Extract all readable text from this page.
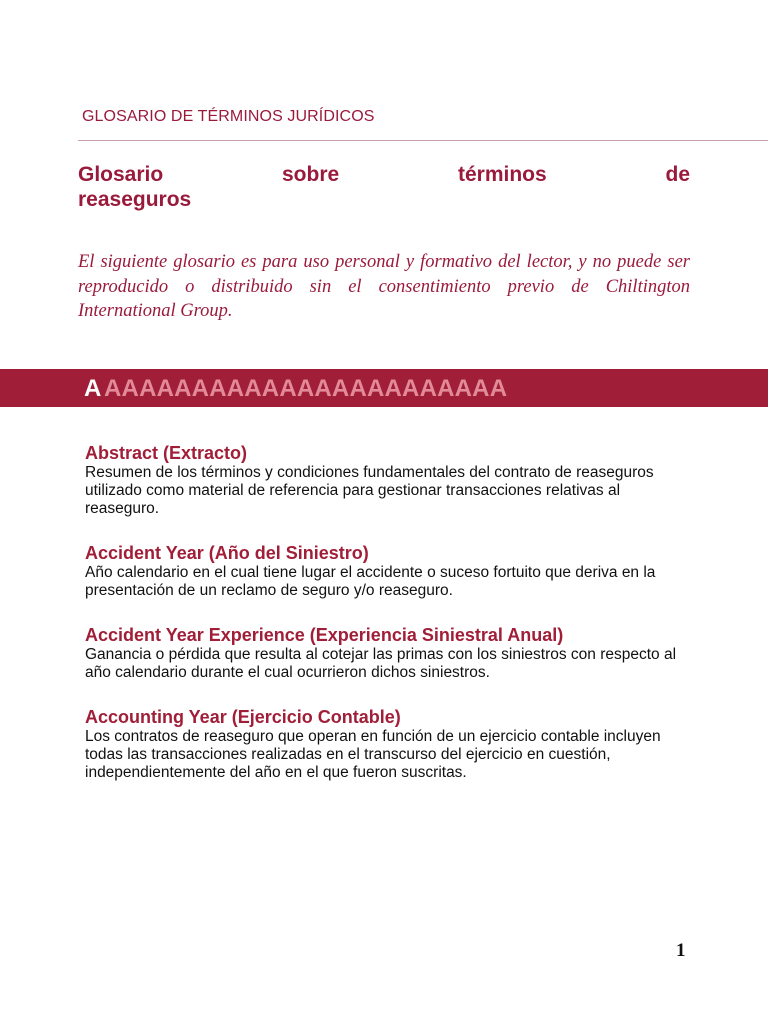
GLOSARIO DE TÉRMINOS JURÍDICOS
Glosario sobre términos de
reaseguros

El siguiente glosario es para uso personal y formativo del lector, y no puede ser reproducido o distribuido sin el consentimiento previo de Chiltington International Group.

A AAAAAAAAAAAAAAAAAAAAAAA
Abstract (Extracto)

Resumen de los términos y condiciones fundamentales del contrato de reaseguros utilizado como material de referencia para gestionar transacciones relativas al reaseguro.

Accident Year (Año del Siniestro)

Año calendario en el cual tiene lugar el accidente o suceso fortuito que deriva en la presentación de un reclamo de seguro y/o reaseguro.

Accident Year Experience (Experiencia Siniestral Anual)

Ganancia o pérdida que resulta al cotejar las primas con los siniestros con respecto al año calendario durante el cual ocurrieron dichos siniestros.

Accounting Year (Ejercicio Contable)

Los contratos de reaseguro que operan en función de un ejercicio contable incluyen todas las transacciones realizadas en el transcurso del ejercicio en cuestión, independientemente del año en el que fueron suscritas.

1
